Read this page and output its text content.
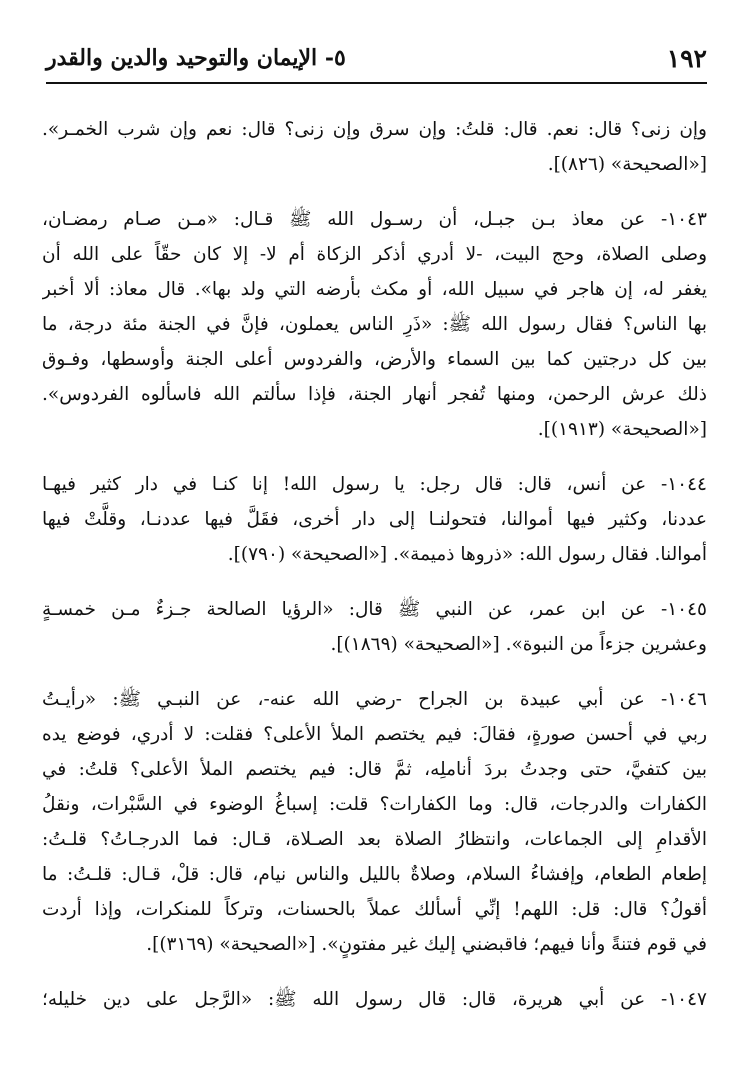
١٩٢
٥- الإيمان والتوحيد والدين والقدر
وإن زنى؟ قال: نعم. قال: قلتُ: وإن سرق وإن زنى؟ قال: نعم وإن شرب الخمـر».
[«الصحيحة» (٨٢٦)].
١٠٤٣- عن معاذ بـن جبـل، أن رسـول الله ﷺ قـال: «مـن صـام رمضـان،
وصلى الصلاة، وحج البيت، -لا أدري أذكر الزكاة أم لا- إلا كان حقّاً على الله أن
يغفر له، إن هاجر في سبيل الله، أو مكث بأرضه التي ولد بها». قال معاذ: ألا أخبر
بها الناس؟ فقال رسول الله ﷺ: «ذَرِ الناس يعملون، فإنَّ في الجنة مئة درجة، ما
بين كل درجتين كما بين السماء والأرض، والفردوس أعلى الجنة وأوسطها، وفـوق
ذلك عرش الرحمن، ومنها تُفجر أنهار الجنة، فإذا سألتم الله فاسألوه الفردوس».
[«الصحيحة» (١٩١٣)].
١٠٤٤- عن أنس، قال: قال رجل: يا رسول الله! إنا كنـا في دار كثير فيهـا
عددنا، وكثير فيها أموالنا، فتحولنـا إلى دار أخرى، فقَلَّ فيها عددنـا، وقلَّتْ فيها
أموالنا. فقال رسول الله: «ذروها ذميمة». [«الصحيحة» (٧٩٠)].
١٠٤٥- عن ابن عمر، عن النبي ﷺ قال: «الرؤيا الصالحة جـزءٌ مـن خمسـةٍ
وعشرين جزءاً من النبوة». [«الصحيحة» (١٨٦٩)].
١٠٤٦- عن أبي عبيدة بن الجراح -رضي الله عنه-، عن النبـي ﷺ: «رأيـتُ
ربي في أحسن صورةٍ، فقالَ: فيم يختصم الملأ الأعلى؟ فقلت: لا أدري، فوضع يده
بين كتفيَّ، حتى وجدتُ بردَ أناملِه، ثمَّ قال: فيم يختصم الملأ الأعلى؟ قلتُ: في
الكفارات والدرجات، قال: وما الكفارات؟ قلت: إسباغُ الوضوء في السَّبْرات، ونقلُ
الأقدامِ إلى الجماعات، وانتظارُ الصلاة بعد الصـلاة، قـال: فما الدرجـاتُ؟ قلـتُ:
إطعام الطعام، وإفشاءُ السلام، وصلاةٌ بالليل والناس نيام، قال: قلْ، قـال: قلـتُ: ما
أقولُ؟ قال: قل: اللهم! إنِّي أسألك عملاً بالحسنات، وتركاً للمنكرات، وإذا أردت
في قوم فتنةً وأنا فيهم؛ فاقبضني إليك غير مفتونٍ». [«الصحيحة» (٣١٦٩)].
١٠٤٧- عن أبي هريرة، قال: قال رسول الله ﷺ: «الرَّجل على دين خليله؛
